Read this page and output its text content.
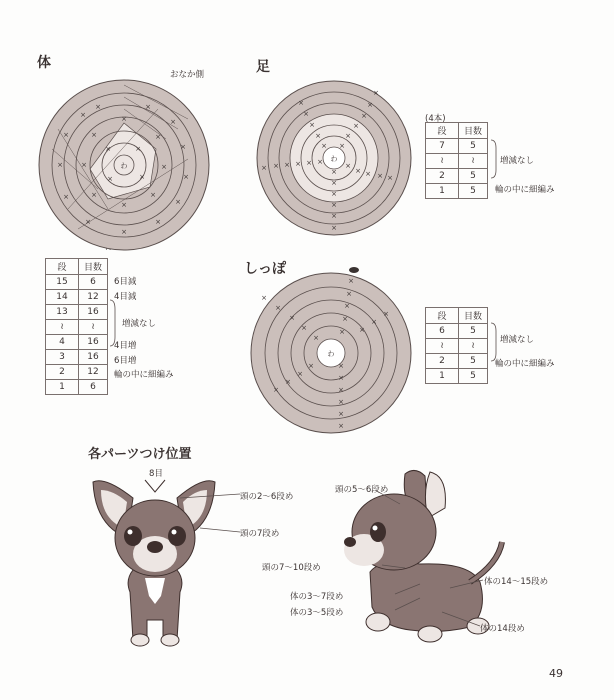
体
おなか側
わ
×	×
×
×
×
×
×
×
×
×
×
×
×	×
×
×
×
×
×
×
×
×
×
×
×
段	目数
15	6
14	12
13	16
≀	≀
4	16
3	16
2	12
1	6
6目減
4目減
増減なし
4目増
6目増
輪の中に細編み
足
わ
×
×
×
×
×
×
× × × × × ×
×
×
×
×
×
×
×
×
×
×
×
×
×
×
×
×
(4本)
段	目数
7	5
≀	≀
2	5
1	5
増減なし
輪の中に細編み
しっぽ
わ
×
×
×
×
×
×
×
×
×
×
×
×
×
×
×
×
×
×
×
×
×
×
×
段	目数
6	5
≀	≀
2	5
1	5
増減なし
輪の中に細編み
各パーツつけ位置
8目
頭の2〜6段め
頭の7段め
頭の5〜6段め
頭の7〜10段め
体の3〜7段め
体の3〜5段め
体の14〜15段め
体の14段め
49
